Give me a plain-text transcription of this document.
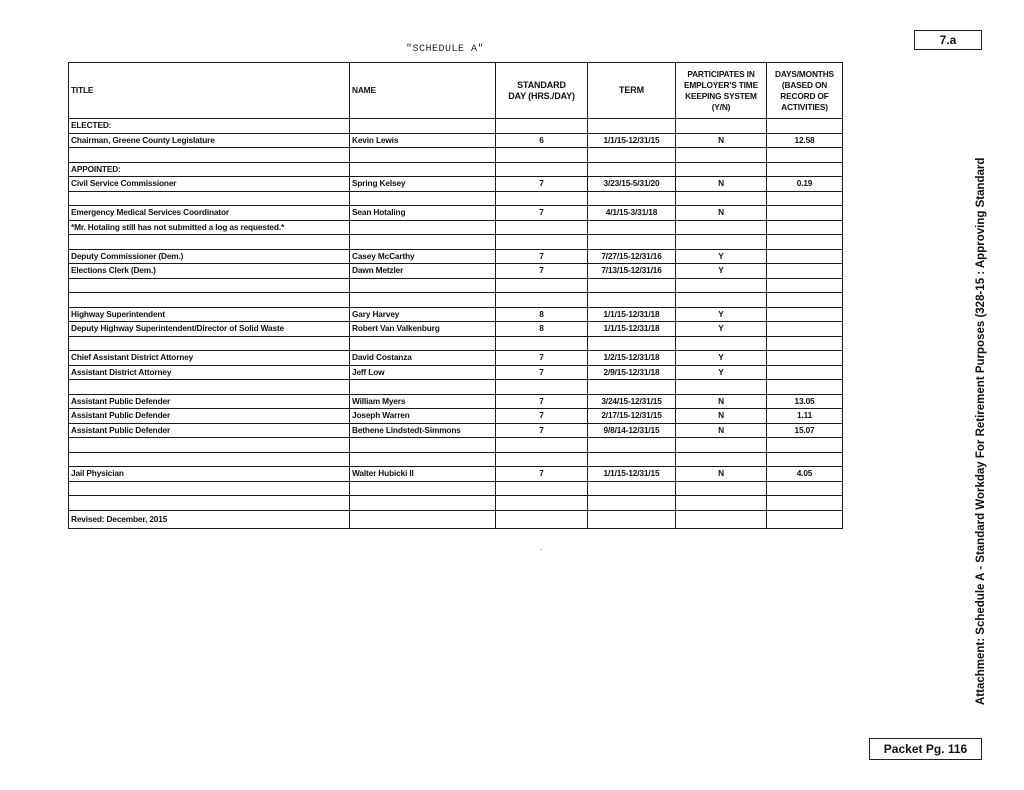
"SCHEDULE A"
7.a
TITLE	NAME	STANDARD DAY (HRS./DAY)	TERM	PARTICIPATES IN EMPLOYER'S TIME KEEPING SYSTEM (Y/N)	DAYS/MONTHS (BASED ON RECORD OF ACTIVITIES)
ELECTED:					
Chairman, Greene County Legislature	Kevin Lewis	6	1/1/15-12/31/15	N	12.58

APPOINTED:					
Civil Service Commissioner	Spring Kelsey	7	3/23/15-5/31/20	N	0.19

Emergency Medical Services Coordinator	Sean Hotaling	7	4/1/15-3/31/18	N	
*Mr. Hotaling still has not submitted a log as requested.*					

Deputy Commissioner (Dem.)	Casey McCarthy	7	7/27/15-12/31/16	Y	
Elections Clerk (Dem.)	Dawn Metzler	7	7/13/15-12/31/16	Y	

Highway Superintendent	Gary Harvey	8	1/1/15-12/31/18	Y	
Deputy Highway Superintendent/Director of Solid Waste	Robert Van Valkenburg	8	1/1/15-12/31/18	Y	

Chief Assistant District Attorney	David Costanza	7	1/2/15-12/31/18	Y	
Assistant District Attorney	Jeff Low	7	2/9/15-12/31/18	Y	

Assistant Public Defender	William Myers	7	3/24/15-12/31/15	N	13.05
Assistant Public Defender	Joseph Warren	7	2/17/15-12/31/15	N	1.11
Assistant Public Defender	Bethene Lindstedt-Simmons	7	9/8/14-12/31/15	N	15.07

Jail Physician	Walter Hubicki II	7	1/1/15-12/31/15	N	4.05

Revised: December, 2015						Attachment: Schedule A - Standard Workday For Retirement Purposes (328-15 : Approving Standard
Packet Pg. 116
